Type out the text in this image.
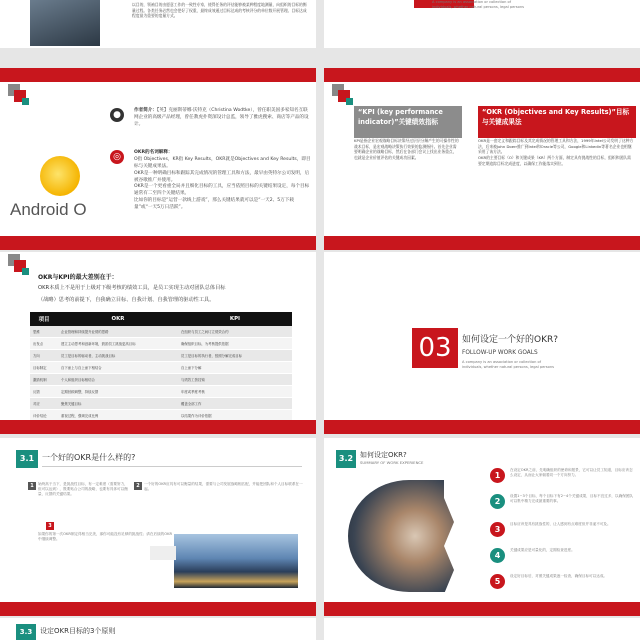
以目的，领袖目的由愿意工作的一致性专家，使得任务的评估能够被某种程度地测量，向组织的目标的衡量过程。各类任务必然也会把好了权重，最终成效通过目标达成的考核评分的单位数开展管理。目标达成程度最为重要的度量方式。
A company is an association or collection of individuals, whether natural persons, legal persons
●	作者简介：【英】克丽斯蒂娜·沃特克（Christina Wodtke），曾任职美国多家知名互联网企业的高级产品经理，曾任教虎扑资深设计总监，领导了雅虎搜索、商店等产品的设计。
◎	OKR的名词解释：
O指 Objectives，KR指 Key Results，OKR就是Objectives and Key Results，即目标与关键成果法。
OKR是一种明确目标和跟踪其完成情况的管理工具和方法，最早由英特尔公司发明，后被谷歌推广并使用。
OKR是一个更看重全局并且细化目标的工具，应当依照目标的关键结果设定，每个目标通常有二至四个关键结果。
比如你的目标是“运营一款线上游戏”，那么关键结果就可以是“一天2、5万下载量”或“一天5万日活跃”。
Android O
“KPI (key performance indicator)”关键绩效指标
KPI是指企业宏观战略目标决策经过层层分解产生的可操作性的战术目标，是宏观战略决策执行效果的监测指针。首先企业需要明确企业的战略目标，然后在各部门会议上找出业务重点，也就是企业价值评估的关键成功因素。
“OKR (Objectives and Key Results)”目标与关键成果法
OKR是一套定义和跟踪目标及其完成情况的管理工具和方法，1999年Intel公司发明了这种方法，后来被John Doerr推广到Intel和Oracle等公司，Google和Linkedin等著名企业也相继采用了该方法。
OKR的主要目标（O）和关键成果（KR）两个方面，制定具有挑战性的目标，组织和团队需要定期追踪目标完成进度，以确保工作能落实到位。
OKR与KPI的最大差别在于：
OKR本质上不是用于上级对下级考核的绩效工具，是员工实现主动对团队总体目标
（战略）思考的前提下，自我确立目标、自我计划、自我管理的驱动性工具。
项目	OKR	KPI
思维	企业管理和持续提升业绩的思路	在组织与员工之间订立绩效合约
出发点	建立主动思考和创新环境，鼓励员工挑战更高目标	确保组织目标，为考核提供依据
方向	员工是目标的驱动者，主动挑战目标	员工是目标的执行者，按照分解完成目标
目标制定	自下而上与自上而下相结合	自上而下分解
激励机制	个人和组织目标相结合	与绩效工资挂钩
反馈	定期回顾调整，持续反馈	年度或季度考核
对应	聚焦关键目标	覆盖全部工作
评价结论	重视过程，强调完成比例	以结果作为评价依据
03	如何设定一个好的OKR?
FOLLOW-UP WORK GOALS
A company is an association or collection of individuals, whether natural persons, legal persons
3.1 一个好的OKR是什么样的?
1	始终高于当下，是挑战性目标，有一定难度（需要努力，但可以达到），既要贴合公司的战略，也要有具体可以衡量、反馈的关键结果。
2	一个好的OKR应具有可以衡量的结果，需要与公司发展战略相匹配，并能把团队和个人目标联系在一起。
3
如果你的第一次OKR制定得相当完美，那你可能没有足够的挑战性；请在后续的OKR中继续调整。
3.2 如何设定OKR?
SUMMARY OF WORK EXPERIENCE
1
在设定OKR之前，先明确组织的使命和愿景，它可以让员工知道，目标应该怎么设定，从而让大家朝着同一个方向努力。
2
设置1~3个目标，每个目标下有2~4个关键成果，目标不宜过多，以确保团队可以集中精力完成最重要的事。
3
目标应该是具有挑战性的，让人感到有点难度但并非遥不可及。
4
关键成果应是可量化的，定期检查进度。
5
设定好目标后，对照关键成果逐一检查，确保目标可以达成。
3.3	设定OKR目标的3个原则
